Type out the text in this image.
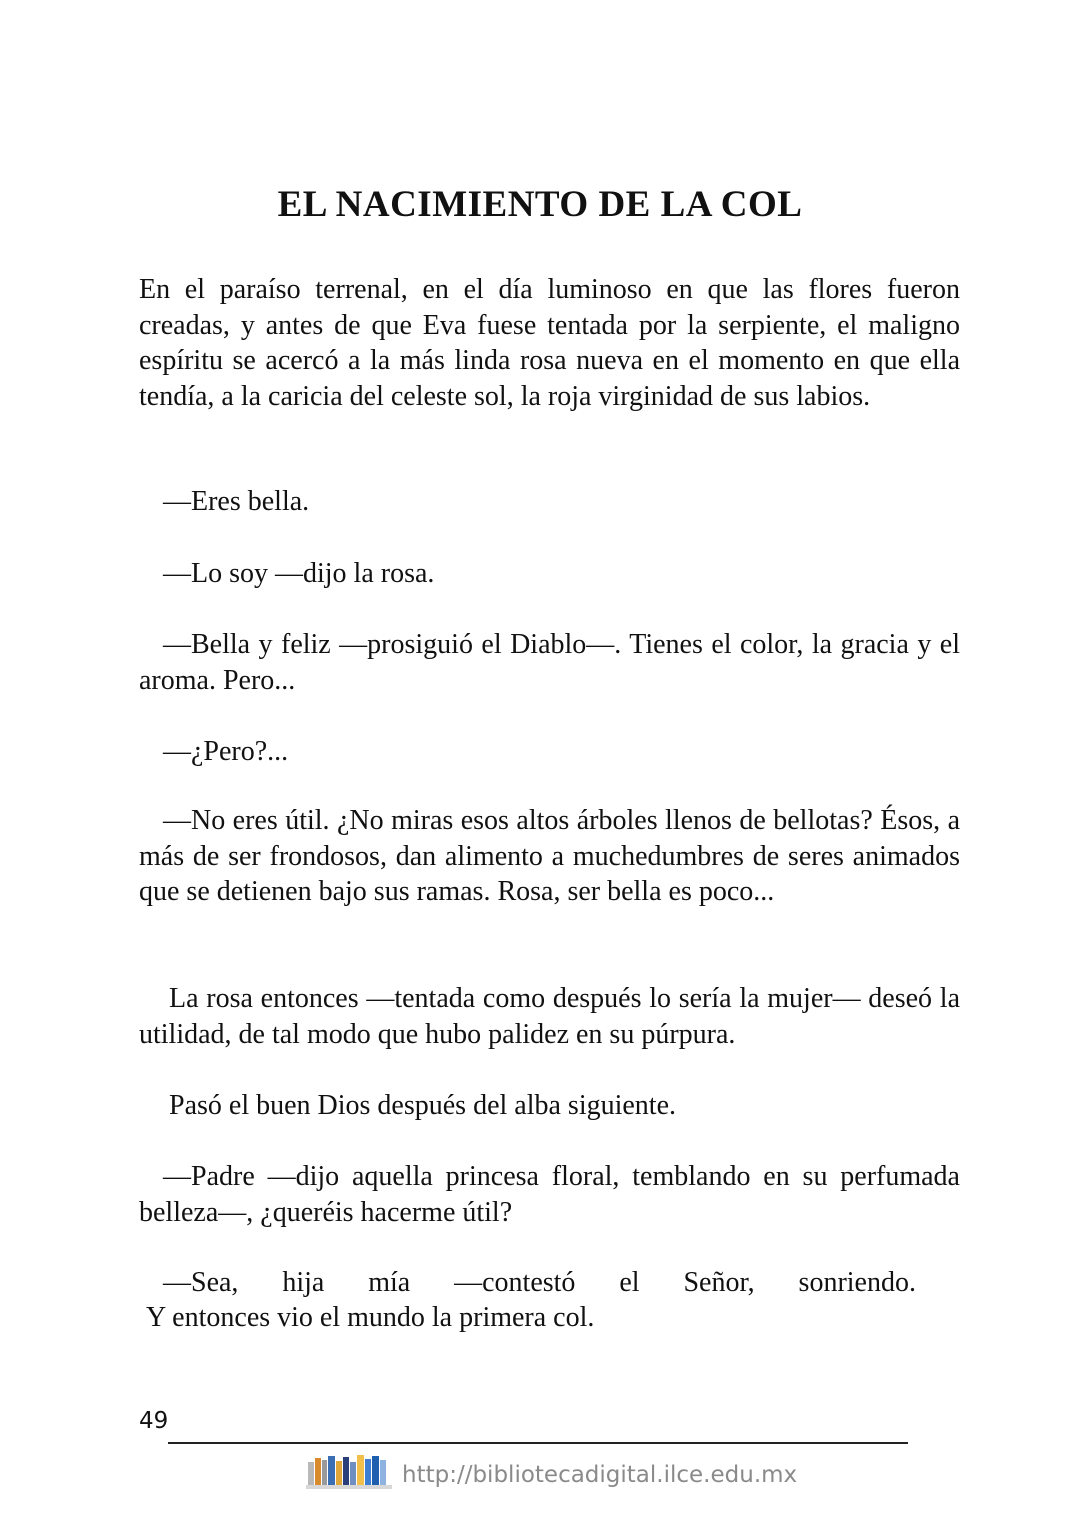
EL NACIMIENTO DE LA COL

En el paraíso terrenal, en el día luminoso en que las flores fueron creadas, y antes de que Eva fuese tentada por la serpiente, el maligno espíritu se acercó a la más linda rosa nueva en el momento en que ella tendía, a la caricia del celeste sol, la roja virginidad de sus labios.

—Eres bella.

—Lo soy —dijo la rosa.

—Bella y feliz —prosiguió el Diablo—. Tienes el color, la gracia y el aroma. Pero...

—¿Pero?...

—No eres útil. ¿No miras esos altos árboles llenos de bellotas? Ésos, a más de ser frondosos, dan alimento a muchedumbres de seres animados que se detienen bajo sus ramas. Rosa, ser bella es poco...

La rosa entonces —tentada como después lo sería la mujer— deseó la utilidad, de tal modo que hubo palidez en su púrpura.

Pasó el buen Dios después del alba siguiente.

—Padre —dijo aquella princesa floral, temblando en su perfumada belleza—, ¿queréis hacerme útil?

—Sea, hija mía —contestó el Señor, sonriendo.

Y entonces vio el mundo la primera col.

49
http://bibliotecadigital.ilce.edu.mx
